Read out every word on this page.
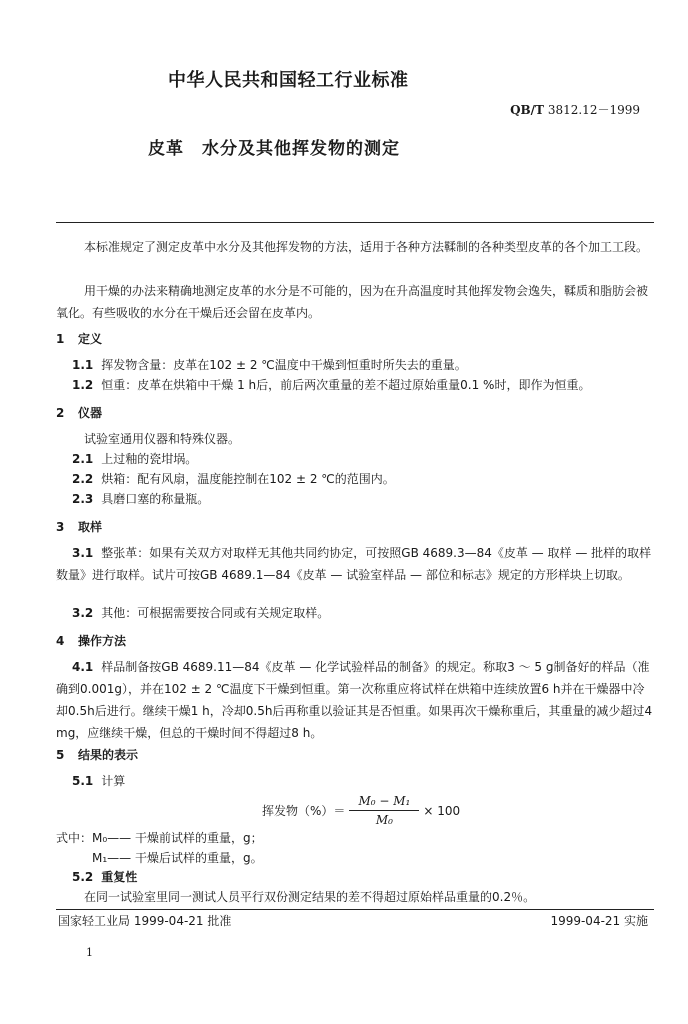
中华人民共和国轻工行业标准
QB/T 3812.12－1999
皮革　水分及其他挥发物的测定
本标准规定了测定皮革中水分及其他挥发物的方法，适用于各种方法鞣制的各种类型皮革的各个加工工段。
用干燥的办法来精确地测定皮革的水分是不可能的，因为在升高温度时其他挥发物会逸失，鞣质和脂肪会被氧化。有些吸收的水分在干燥后还会留在皮革内。
1 定义
1.1 挥发物含量：皮革在102 ± 2 ℃温度中干燥到恒重时所失去的重量。
1.2 恒重：皮革在烘箱中干燥 1 h后，前后两次重量的差不超过原始重量0.1 %时，即作为恒重。
2 仪器
试验室通用仪器和特殊仪器。
2.1 上过釉的瓷坩埚。
2.2 烘箱：配有风扇，温度能控制在102 ± 2 ℃的范围内。
2.3 具磨口塞的称量瓶。
3 取样
3.1 整张革：如果有关双方对取样无其他共同约协定，可按照GB 4689.3—84《皮革 — 取样 — 批样的取样数量》进行取样。试片可按GB 4689.1—84《皮革 — 试验室样品 — 部位和标志》规定的方形样块上切取。
3.2 其他：可根据需要按合同或有关规定取样。
4 操作方法
4.1 样品制备按GB 4689.11—84《皮革 — 化学试验样品的制备》的规定。称取3 ～ 5 g制备好的样品（准确到0.001g），并在102 ± 2 ℃温度下干燥到恒重。第一次称重应将试样在烘箱中连续放置6 h并在干燥器中冷却0.5h后进行。继续干燥1 h，冷却0.5h后再称重以验证其是否恒重。如果再次干燥称重后，其重量的减少超过4 mg，应继续干燥，但总的干燥时间不得超过8 h。
5 结果的表示
5.1 计算
挥发物（%）＝ $\frac{\text{M₀ − M₁}}{\text{M₀}} \times 100$
式中：M₀—— 干燥前试样的重量，g；
M₁—— 干燥后试样的重量，g。
5.2 重复性
在同一试验室里同一测试人员平行双份测定结果的差不得超过原始样品重量的0.2％。
国家轻工业局 1999-04-21 批准	1999-04-21 实施
1
